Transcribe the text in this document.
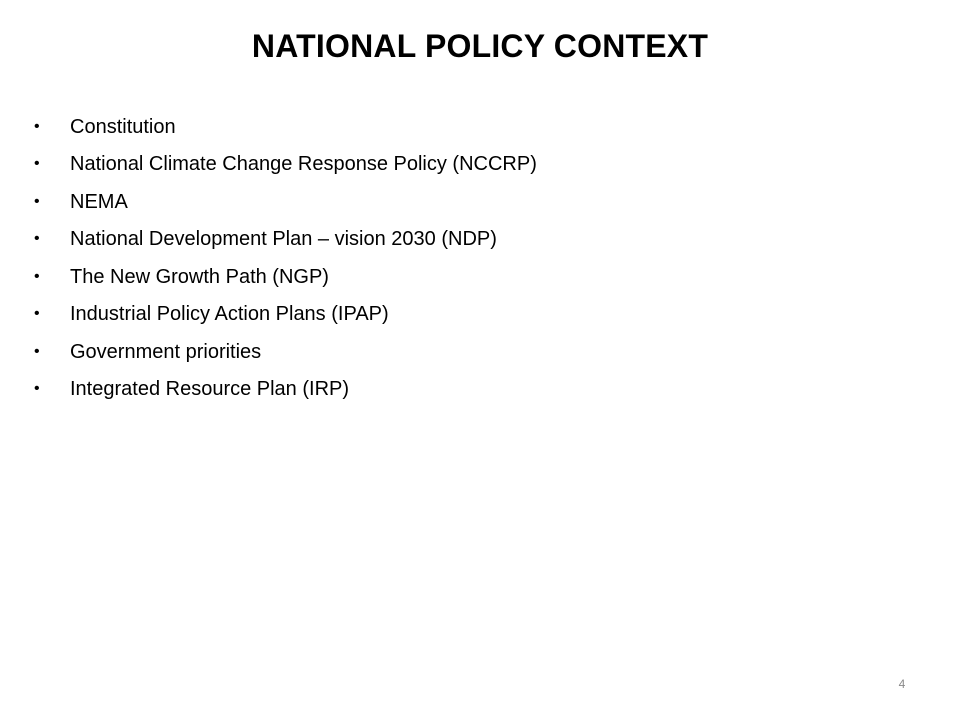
NATIONAL POLICY CONTEXT
•	Constitution
•	National Climate Change Response Policy (NCCRP)
•	NEMA
•	National Development Plan – vision 2030 (NDP)
•	The New Growth Path (NGP)
•	Industrial Policy Action Plans (IPAP)
•	Government priorities
•	Integrated Resource Plan (IRP)
4
